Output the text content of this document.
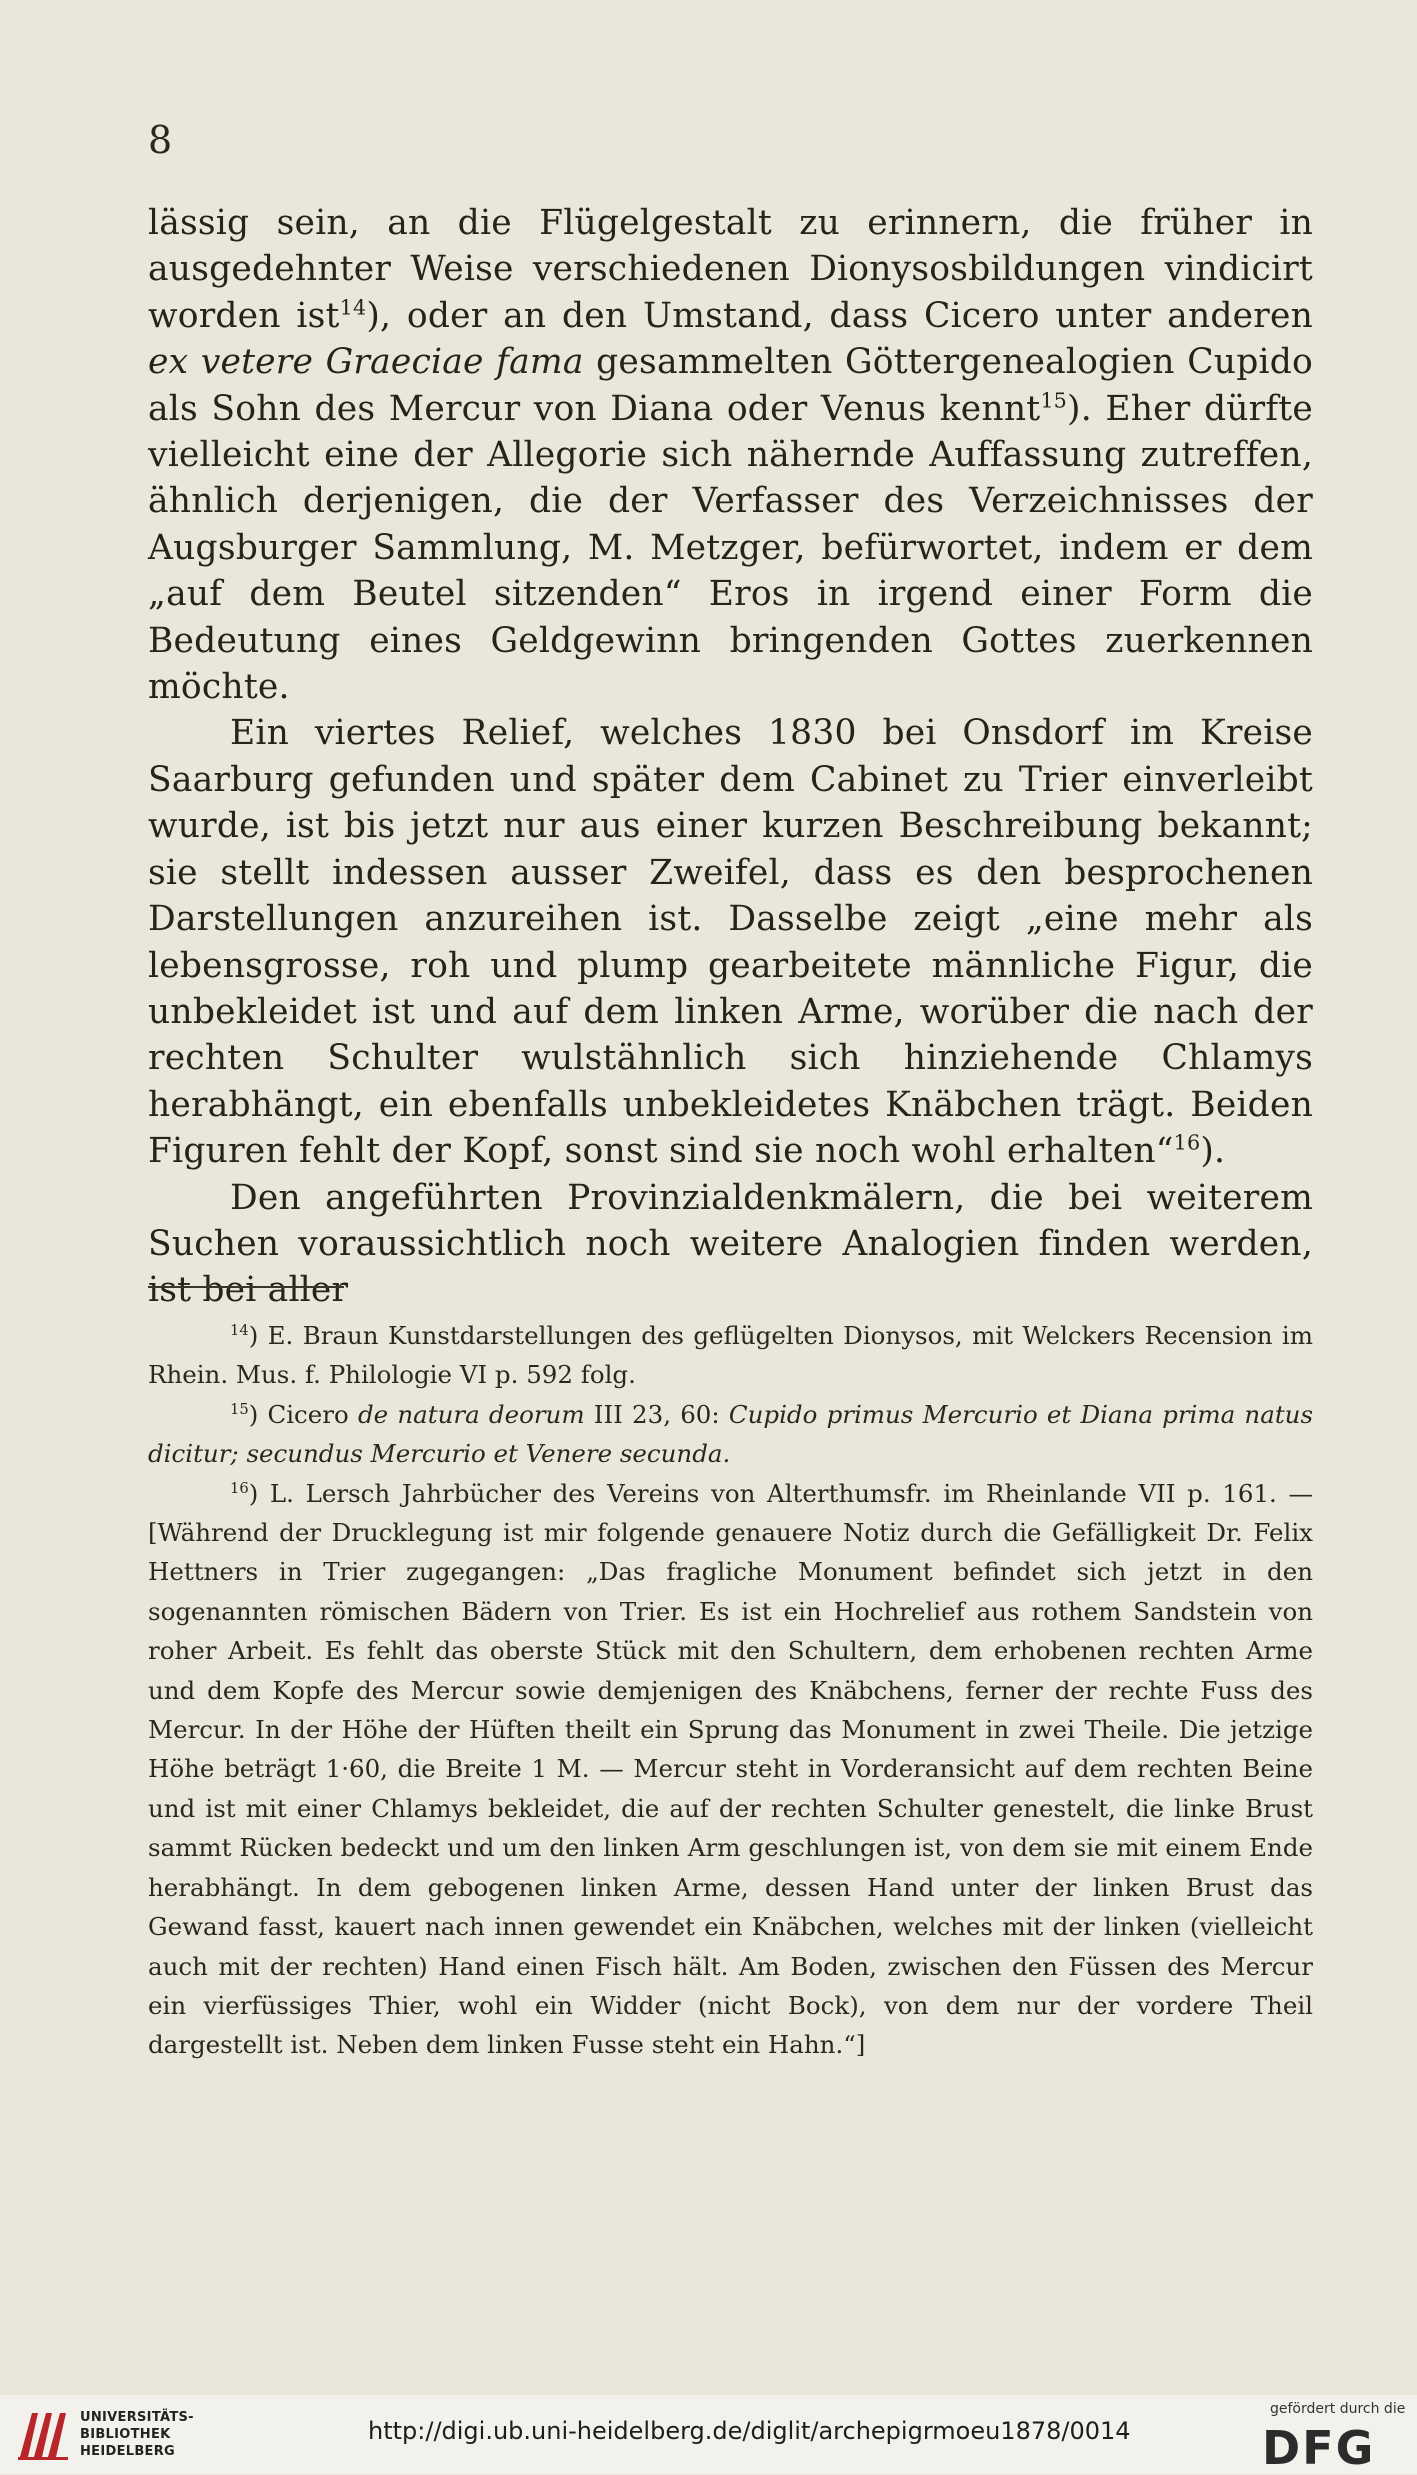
8

lässig sein, an die Flügelgestalt zu erinnern, die früher in ausgedehnter Weise verschiedenen Dionysosbildungen vindicirt worden ist$^{14}$), oder an den Umstand, dass Cicero unter anderen ex vetere Graeciae fama gesammelten Göttergenealogien Cupido als Sohn des Mercur von Diana oder Venus kennt$^{15}$). Eher dürfte vielleicht eine der Allegorie sich nähernde Auffassung zutreffen, ähnlich derjenigen, die der Verfasser des Verzeichnisses der Augsburger Sammlung, M. Metzger, befürwortet, indem er dem „auf dem Beutel sitzenden“ Eros in irgend einer Form die Bedeutung eines Geldgewinn bringenden Gottes zuerkennen möchte.

Ein viertes Relief, welches 1830 bei Onsdorf im Kreise Saarburg gefunden und später dem Cabinet zu Trier einverleibt wurde, ist bis jetzt nur aus einer kurzen Beschreibung bekannt; sie stellt indessen ausser Zweifel, dass es den besprochenen Darstellungen anzureihen ist. Dasselbe zeigt „eine mehr als lebensgrosse, roh und plump gearbeitete männliche Figur, die unbekleidet ist und auf dem linken Arme, worüber die nach der rechten Schulter wulstähnlich sich hinziehende Chlamys herabhängt, ein ebenfalls unbekleidetes Knäbchen trägt. Beiden Figuren fehlt der Kopf, sonst sind sie noch wohl erhalten“$^{16}$).

Den angeführten Provinzialdenkmälern, die bei weiterem Suchen voraussichtlich noch weitere Analogien finden werden, ist bei aller

$^{14}$) E. Braun Kunstdarstellungen des geflügelten Dionysos, mit Welckers Recension im Rhein. Mus. f. Philologie VI p. 592 folg.

$^{15}$) Cicero de natura deorum III 23, 60: Cupido primus Mercurio et Diana prima natus dicitur; secundus Mercurio et Venere secunda.

$^{16}$) L. Lersch Jahrbücher des Vereins von Alterthumsfr. im Rheinlande VII p. 161. — [Während der Drucklegung ist mir folgende genauere Notiz durch die Gefälligkeit Dr. Felix Hettners in Trier zugegangen: „Das fragliche Monument befindet sich jetzt in den sogenannten römischen Bädern von Trier. Es ist ein Hochrelief aus rothem Sandstein von roher Arbeit. Es fehlt das oberste Stück mit den Schultern, dem erhobenen rechten Arme und dem Kopfe des Mercur sowie demjenigen des Knäbchens, ferner der rechte Fuss des Mercur. In der Höhe der Hüften theilt ein Sprung das Monument in zwei Theile. Die jetzige Höhe beträgt 1·60, die Breite 1 M. — Mercur steht in Vorderansicht auf dem rechten Beine und ist mit einer Chlamys bekleidet, die auf der rechten Schulter genestelt, die linke Brust sammt Rücken bedeckt und um den linken Arm geschlungen ist, von dem sie mit einem Ende herabhängt. In dem gebogenen linken Arme, dessen Hand unter der linken Brust das Gewand fasst, kauert nach innen gewendet ein Knäbchen, welches mit der linken (vielleicht auch mit der rechten) Hand einen Fisch hält. Am Boden, zwischen den Füssen des Mercur ein vierfüssiges Thier, wohl ein Widder (nicht Bock), von dem nur der vordere Theil dargestellt ist. Neben dem linken Fusse steht ein Hahn.“]

UNIVERSITÄTS-
BIBLIOTHEK
HEIDELBERG
http://digi.ub.uni-heidelberg.de/diglit/archepigrmoeu1878/0014
gefördert durch die
DFG
